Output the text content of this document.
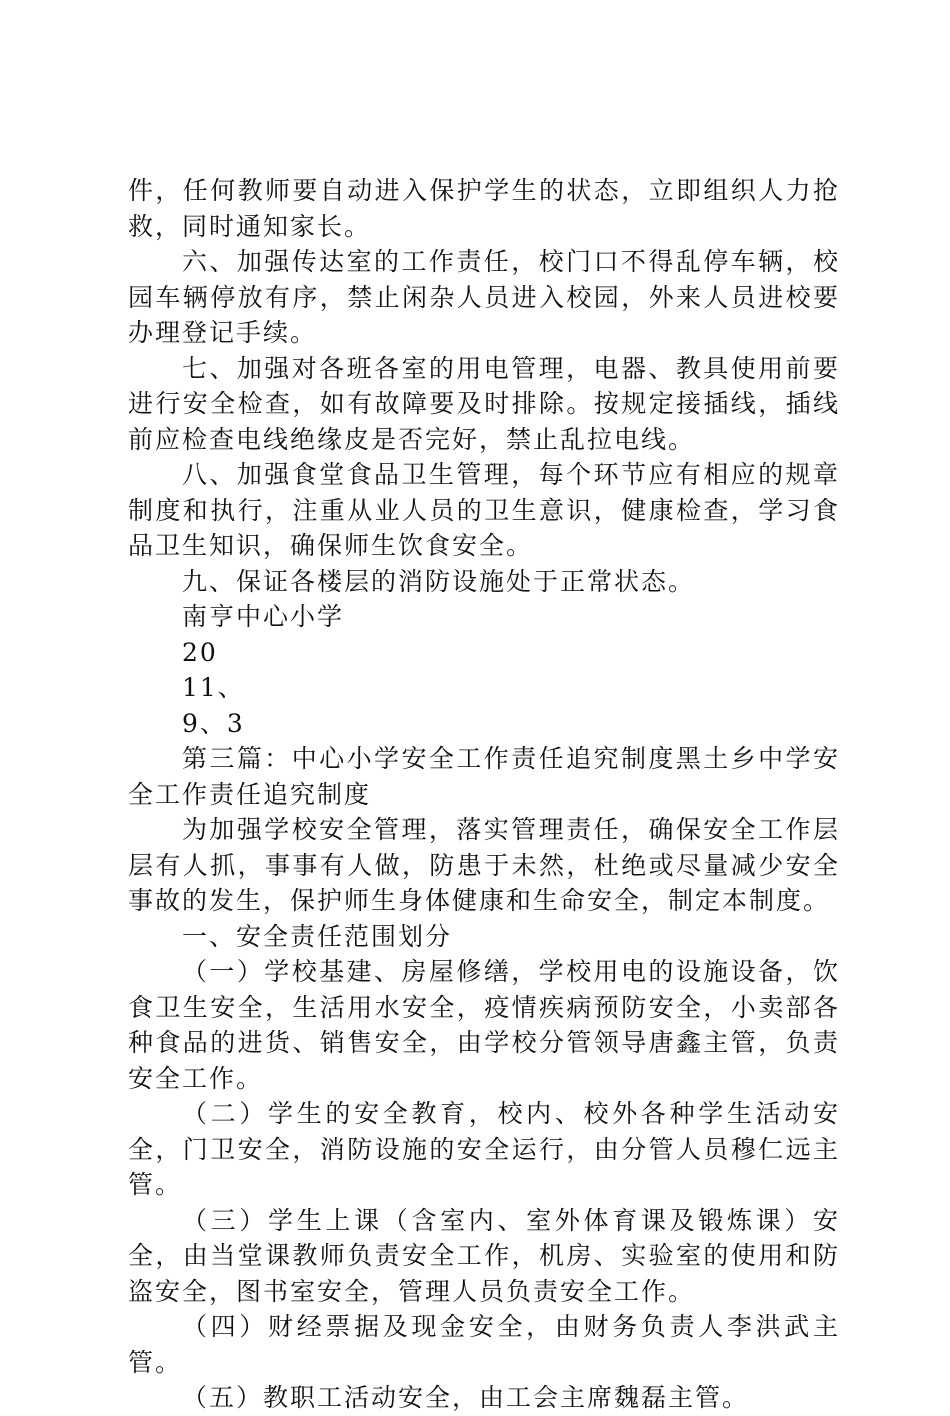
件，任何教师要自动进入保护学生的状态，立即组织人力抢救，同时通知家长。

六、加强传达室的工作责任，校门口不得乱停车辆，校园车辆停放有序，禁止闲杂人员进入校园，外来人员进校要办理登记手续。

七、加强对各班各室的用电管理，电器、教具使用前要进行安全检查，如有故障要及时排除。按规定接插线，插线前应检查电线绝缘皮是否完好，禁止乱拉电线。

八、加强食堂食品卫生管理，每个环节应有相应的规章制度和执行，注重从业人员的卫生意识，健康检查，学习食品卫生知识，确保师生饮食安全。

九、保证各楼层的消防设施处于正常状态。

南亨中心小学

20

11、

9、3

第三篇：中心小学安全工作责任追究制度黑土乡中学安全工作责任追究制度

为加强学校安全管理，落实管理责任，确保安全工作层层有人抓，事事有人做，防患于未然，杜绝或尽量减少安全事故的发生，保护师生身体健康和生命安全，制定本制度。

一、安全责任范围划分

（一）学校基建、房屋修缮，学校用电的设施设备，饮食卫生安全，生活用水安全，疫情疾病预防安全，小卖部各种食品的进货、销售安全，由学校分管领导唐鑫主管，负责安全工作。

（二）学生的安全教育，校内、校外各种学生活动安全，门卫安全，消防设施的安全运行，由分管人员穆仁远主管。

（三）学生上课（含室内、室外体育课及锻炼课）安全，由当堂课教师负责安全工作，机房、实验室的使用和防盗安全，图书室安全，管理人员负责安全工作。

（四）财经票据及现金安全，由财务负责人李洪武主管。

（五）教职工活动安全，由工会主席魏磊主管。
